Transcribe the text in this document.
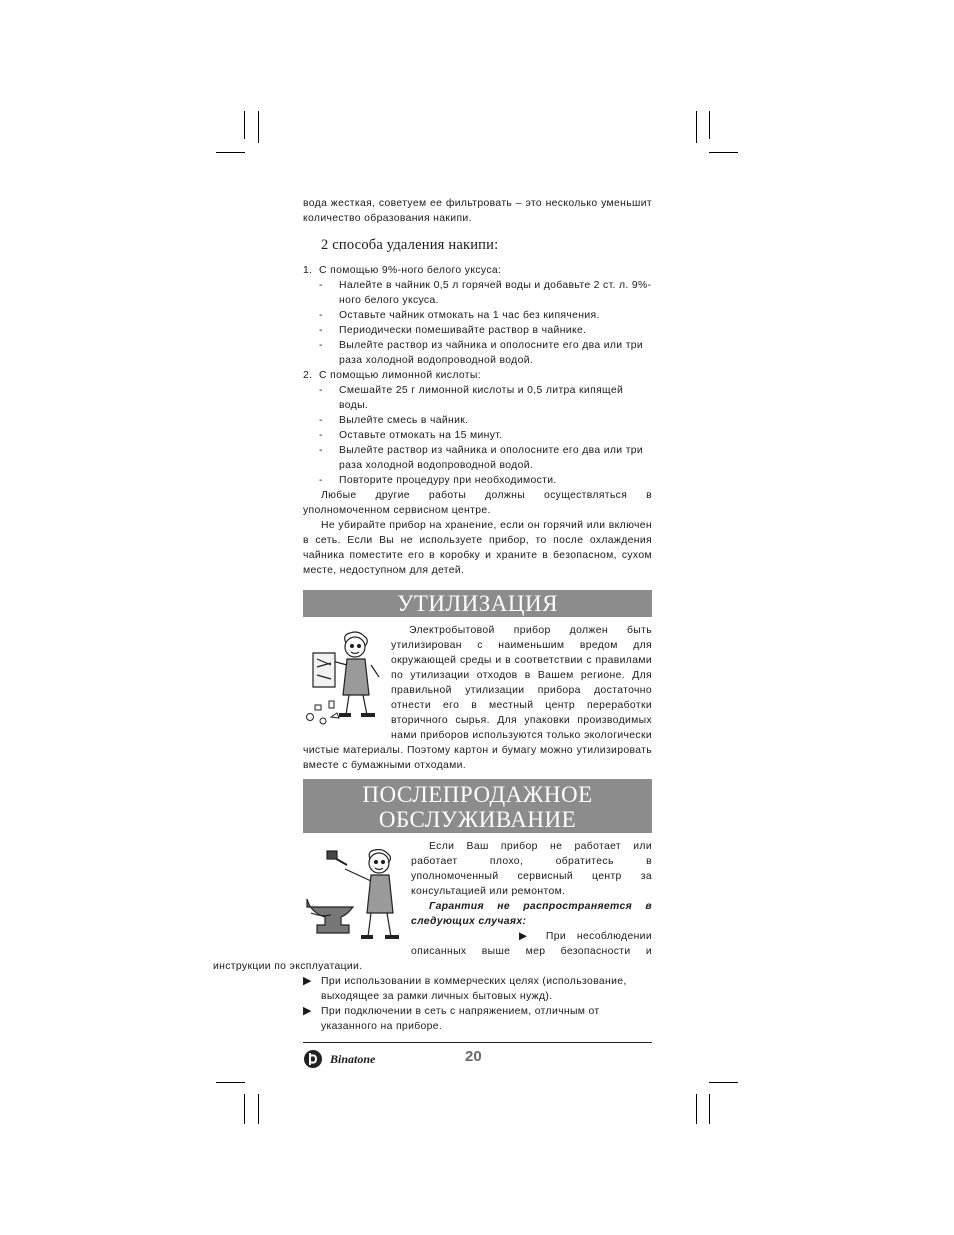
вода жесткая, советуем ее фильтровать – это несколько уменьшит количество образования накипи.

2 способа удаления накипи:
1. С помощью 9%-ного белого уксуса:
- Налейте в чайник 0,5 л горячей воды и добавьте 2 ст. л. 9%-ного белого уксуса.
- Оставьте чайник отмокать на 1 час без кипячения.
- Периодически помешивайте раствор в чайнике.
- Вылейте раствор из чайника и ополосните его два или три раза холодной водопроводной водой.
2. С помощью лимонной кислоты:
- Смешайте 25 г лимонной кислоты и 0,5 литра кипящей воды.
- Вылейте смесь в чайник.
- Оставьте отмокать на 15 минут.
- Вылейте раствор из чайника и ополосните его два или три раза холодной водопроводной водой.
- Повторите процедуру при необходимости.

Любые другие работы должны осуществляться в уполномоченном сервисном центре.

Не убирайте прибор на хранение, если он горячий или включен в сеть. Если Вы не используете прибор, то после охлаждения чайника поместите его в коробку и храните в безопасном, сухом месте, недоступном для детей.

УТИЛИЗАЦИЯ

Электробытовой прибор должен быть утилизирован с наименьшим вредом для окружающей среды и в соответствии с правилами по утилизации отходов в Вашем регионе. Для правильной утилизации прибора достаточно отнести его в местный центр переработки вторичного сырья. Для упаковки производимых нами приборов используются только экологически чистые материалы. Поэтому картон и бумагу можно утилизировать вместе с бумажными отходами.

ПОСЛЕПРОДАЖНОЕ
ОБСЛУЖИВАНИЕ

Если Ваш прибор не работает или работает плохо, обратитесь в уполномоченный сервисный центр за консультацией или ремонтом.

Гарантия не распространяется в следующих случаях:

▶ При несоблюдении описанных выше мер безопасности и инструкции по эксплуатации.

▶ При использовании в коммерческих целях (использование, выходящее за рамки личных бытовых нужд).
▶ При подключении в сеть с напряжением, отличным от указанного на приборе.
Binatone	20
